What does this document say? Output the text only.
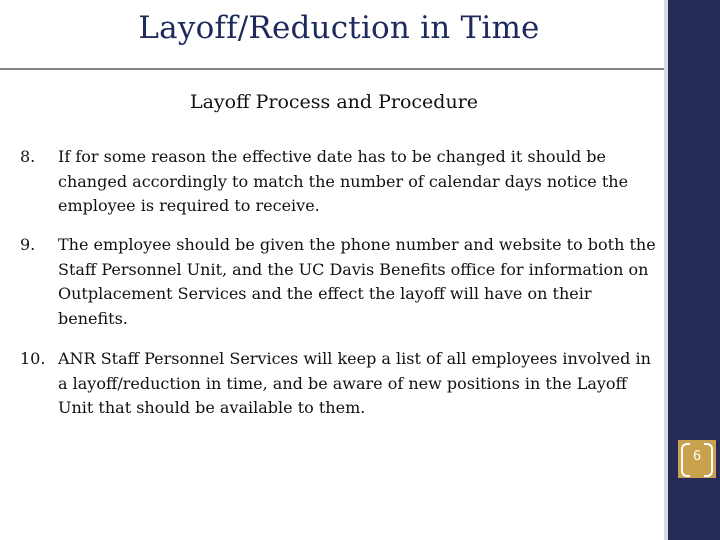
Layoff/Reduction in Time
Layoff Process and Procedure
8.	If for some reason the effective date has to be changed it should be changed accordingly to match the number of calendar days notice the employee is required to receive.
9.	The employee should be given the phone number and website to both the Staff Personnel Unit, and the UC Davis Benefits office for information on Outplacement Services and the effect the layoff will have on their benefits.
10. ANR Staff Personnel Services will keep a list of all employees involved in a layoff/reduction in time, and be aware of new positions in the Layoff Unit that should be available to them.
6
